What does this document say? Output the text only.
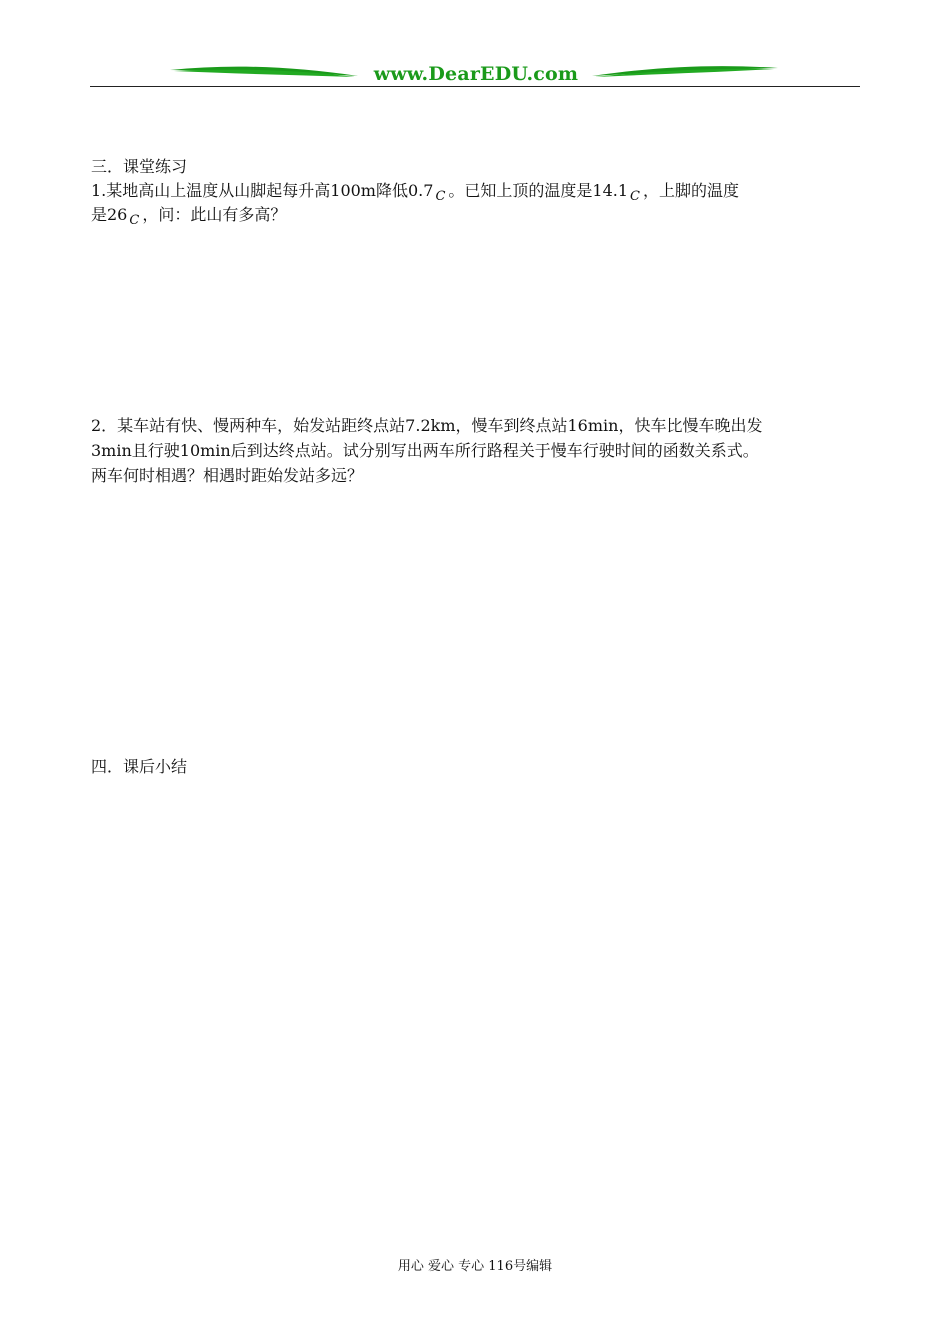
www.DearEDU.com
三．课堂练习
1.某地高山上温度从山脚起每升高100m降低0.7 $_C$ 。已知上顶的温度是14.1 $_C$ ，上脚的温度
是26 $_C$ ，问：此山有多高？
2．某车站有快、慢两种车，始发站距终点站7.2km，慢车到终点站16min，快车比慢车晚出发
3min且行驶10min后到达终点站。试分别写出两车所行路程关于慢车行驶时间的函数关系式。
两车何时相遇？相遇时距始发站多远？
四．课后小结
用心 爱心 专心 116号编辑
